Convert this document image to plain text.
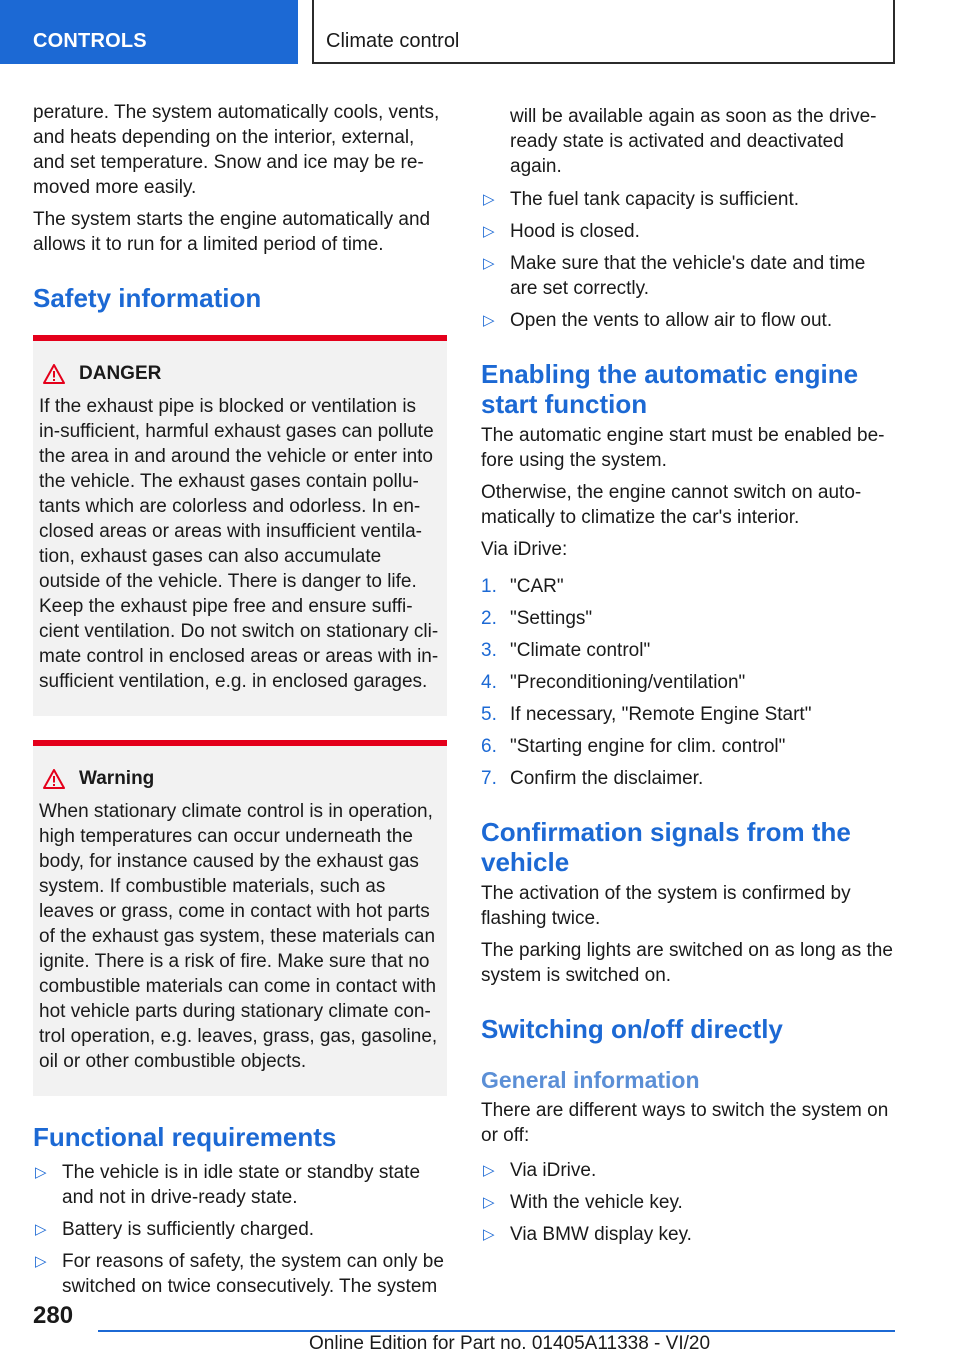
CONTROLS	Climate control

perature. The system automatically cools, vents, and heats depending on the interior, external, and set temperature. Snow and ice may be re-moved more easily.

The system starts the engine automatically and allows it to run for a limited period of time.

Safety information
DANGER

If the exhaust pipe is blocked or ventilation is in-sufficient, harmful exhaust gases can pollute the area in and around the vehicle or enter into the vehicle. The exhaust gases contain pollu-tants which are colorless and odorless. In en-closed areas or areas with insufficient ventila-tion, exhaust gases can also accumulate outside of the vehicle. There is danger to life. Keep the exhaust pipe free and ensure suffi-cient ventilation. Do not switch on stationary cli-mate control in enclosed areas or areas with in-sufficient ventilation, e.g. in enclosed garages.

Warning

When stationary climate control is in operation, high temperatures can occur underneath the body, for instance caused by the exhaust gas system. If combustible materials, such as leaves or grass, come in contact with hot parts of the exhaust gas system, these materials can ignite. There is a risk of fire. Make sure that no combustible materials can come in contact with hot vehicle parts during stationary climate con-trol operation, e.g. leaves, grass, gas, gasoline, oil or other combustible objects.

Functional requirements
▷ The vehicle is in idle state or standby state and not in drive-ready state.
▷ Battery is sufficiently charged.
▷ For reasons of safety, the system can only be switched on twice consecutively. The system

will be available again as soon as the drive-ready state is activated and deactivated again.

▷ The fuel tank capacity is sufficient.
▷ Hood is closed.
▷ Make sure that the vehicle's date and time are set correctly.
▷ Open the vents to allow air to flow out.
Enabling the automatic engine start function

The automatic engine start must be enabled be-fore using the system.

Otherwise, the engine cannot switch on auto-matically to climatize the car's interior.

Via iDrive:

1. "CAR"
2. "Settings"
3. "Climate control"
4. "Preconditioning/ventilation"
5. If necessary, "Remote Engine Start"
6. "Starting engine for clim. control"
7. Confirm the disclaimer.
Confirmation signals from the vehicle

The activation of the system is confirmed by flashing twice.

The parking lights are switched on as long as the system is switched on.

Switching on/off directly
General information

There are different ways to switch the system on or off:

▷ Via iDrive.
▷ With the vehicle key.
▷ Via BMW display key.
280
Online Edition for Part no. 01405A11338 - VI/20
